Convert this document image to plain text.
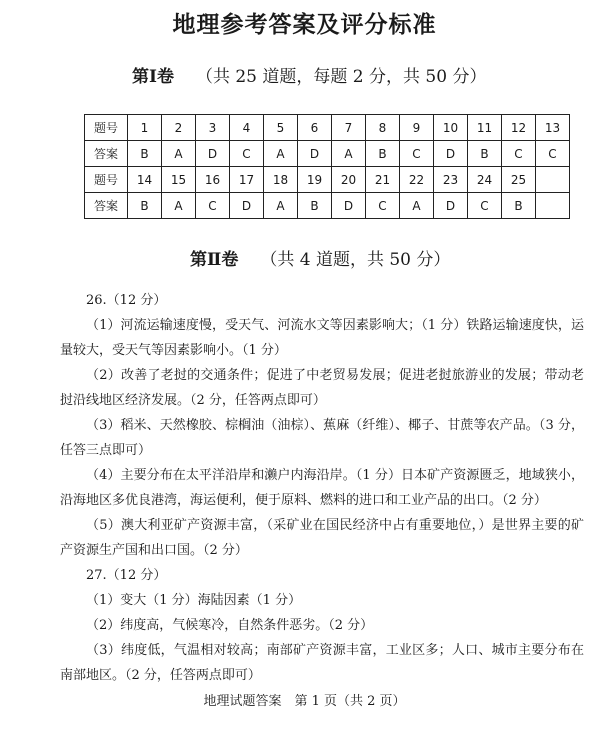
地理参考答案及评分标准
第Ⅰ卷 （共 25 道题，每题 2 分，共 50 分）
题号	1	2	3	4	5	6	7	8	9	10	11	12	13
答案	B	A	D	C	A	D	A	B	C	D	B	C	C
题号	14	15	16	17	18	19	20	21	22	23	24	25	
答案	B	A	C	D	A	B	D	C	A	D	C	B	
第Ⅱ卷 （共 4 道题，共 50 分）

26.（12 分）

（1）河流运输速度慢，受天气、河流水文等因素影响大；（1 分）铁路运输速度快，运量较大，受天气等因素影响小。（1 分）

（2）改善了老挝的交通条件；促进了中老贸易发展；促进老挝旅游业的发展；带动老挝沿线地区经济发展。（2 分，任答两点即可）

（3）稻米、天然橡胶、棕榈油（油棕）、蕉麻（纤维）、椰子、甘蔗等农产品。（3 分，任答三点即可）

（4）主要分布在太平洋沿岸和濑户内海沿岸。（1 分）日本矿产资源匮乏，地域狭小，沿海地区多优良港湾，海运便利，便于原料、燃料的进口和工业产品的出口。（2 分）

（5）澳大利亚矿产资源丰富，（采矿业在国民经济中占有重要地位，）是世界主要的矿产资源生产国和出口国。（2 分）

27.（12 分）

（1）变大（1 分）海陆因素（1 分）

（2）纬度高，气候寒冷，自然条件恶劣。（2 分）

（3）纬度低，气温相对较高；南部矿产资源丰富，工业区多；人口、城市主要分布在南部地区。（2 分，任答两点即可）

地理试题答案　第 1 页（共 2 页）
